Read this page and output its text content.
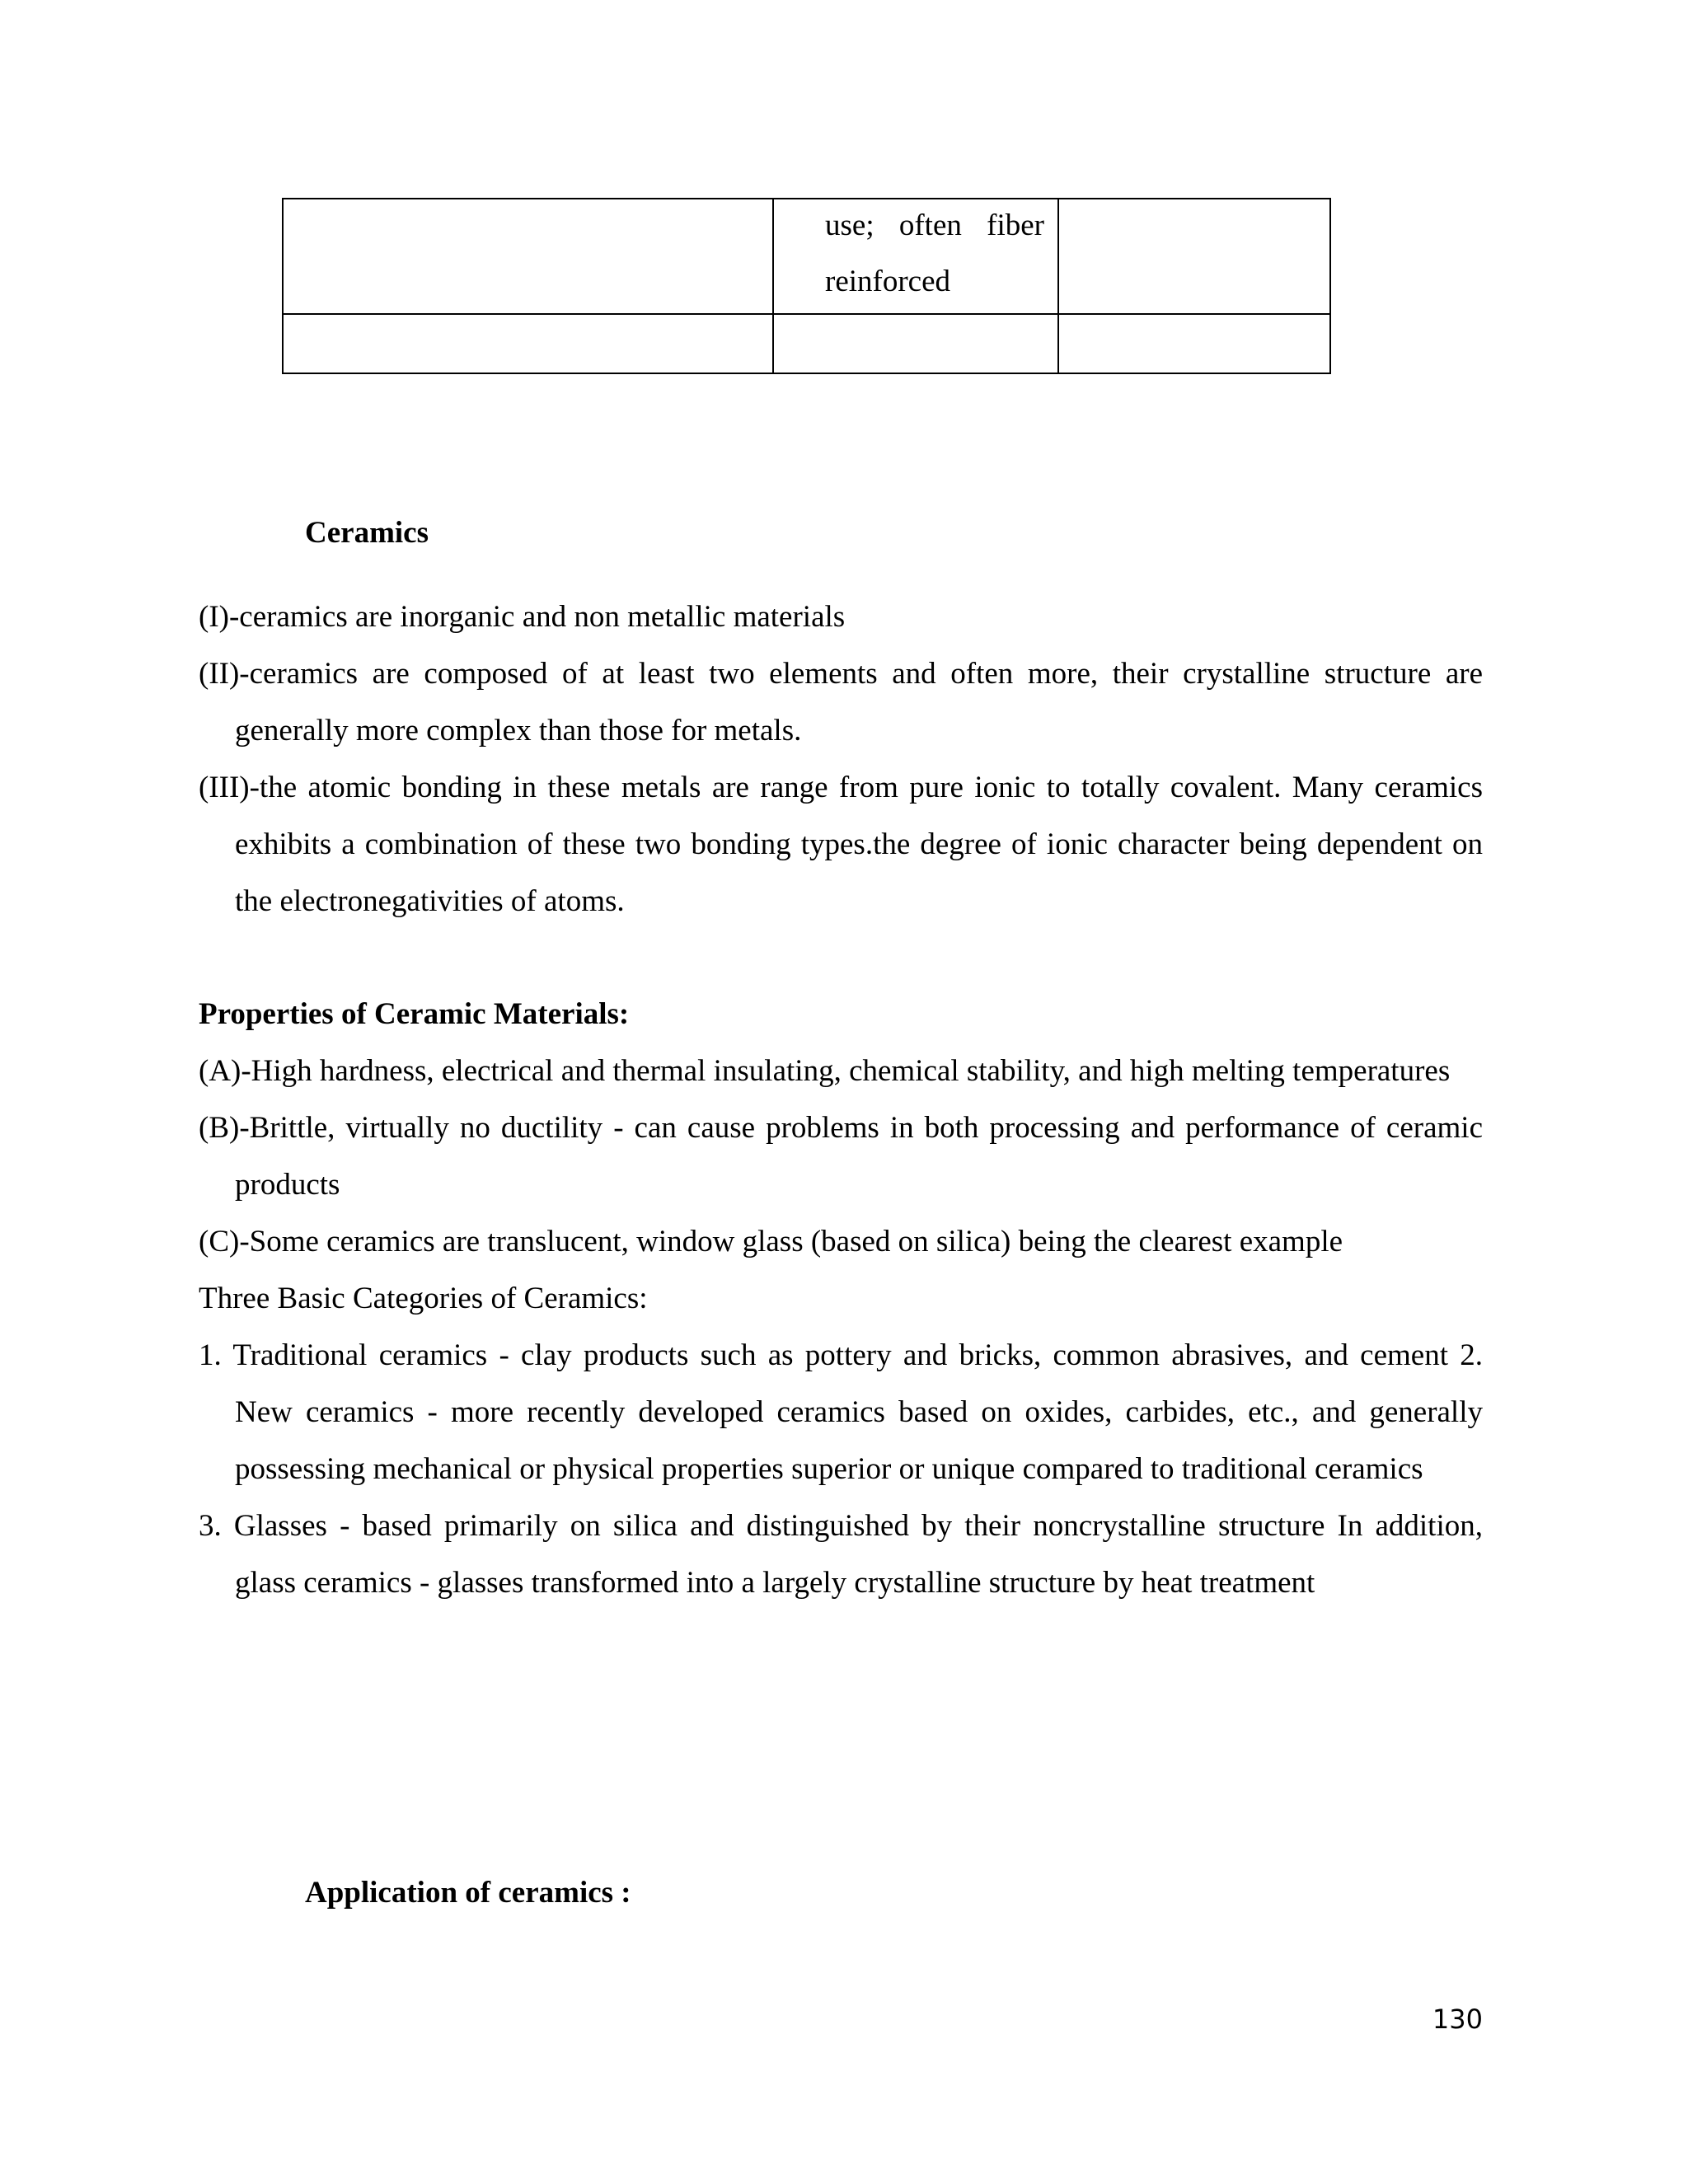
	use; often fiber
reinforced	

Ceramics

(I)-ceramics are inorganic and non metallic materials

(II)-ceramics are composed of at least two elements and often more, their crystalline structure are generally more complex than those for metals.

(III)-the atomic bonding in these metals are range from pure ionic to totally covalent. Many ceramics exhibits a combination of these two bonding types.the degree of ionic character being dependent on the electronegativities of atoms.

Properties of Ceramic Materials:

(A)-High hardness, electrical and thermal insulating, chemical stability, and high melting temperatures

(B)-Brittle, virtually no ductility - can cause problems in both processing and performance of ceramic products

(C)-Some ceramics are translucent, window glass (based on silica) being the clearest example

Three Basic Categories of Ceramics:

1. Traditional ceramics - clay products such as pottery and bricks, common abrasives, and cement 2. New ceramics - more recently developed ceramics based on oxides, carbides, etc., and generally possessing mechanical or physical properties superior or unique compared to traditional ceramics

3. Glasses - based primarily on silica and distinguished by their noncrystalline structure In addition, glass ceramics - glasses transformed into a largely crystalline structure by heat treatment

Application of ceramics :

130
